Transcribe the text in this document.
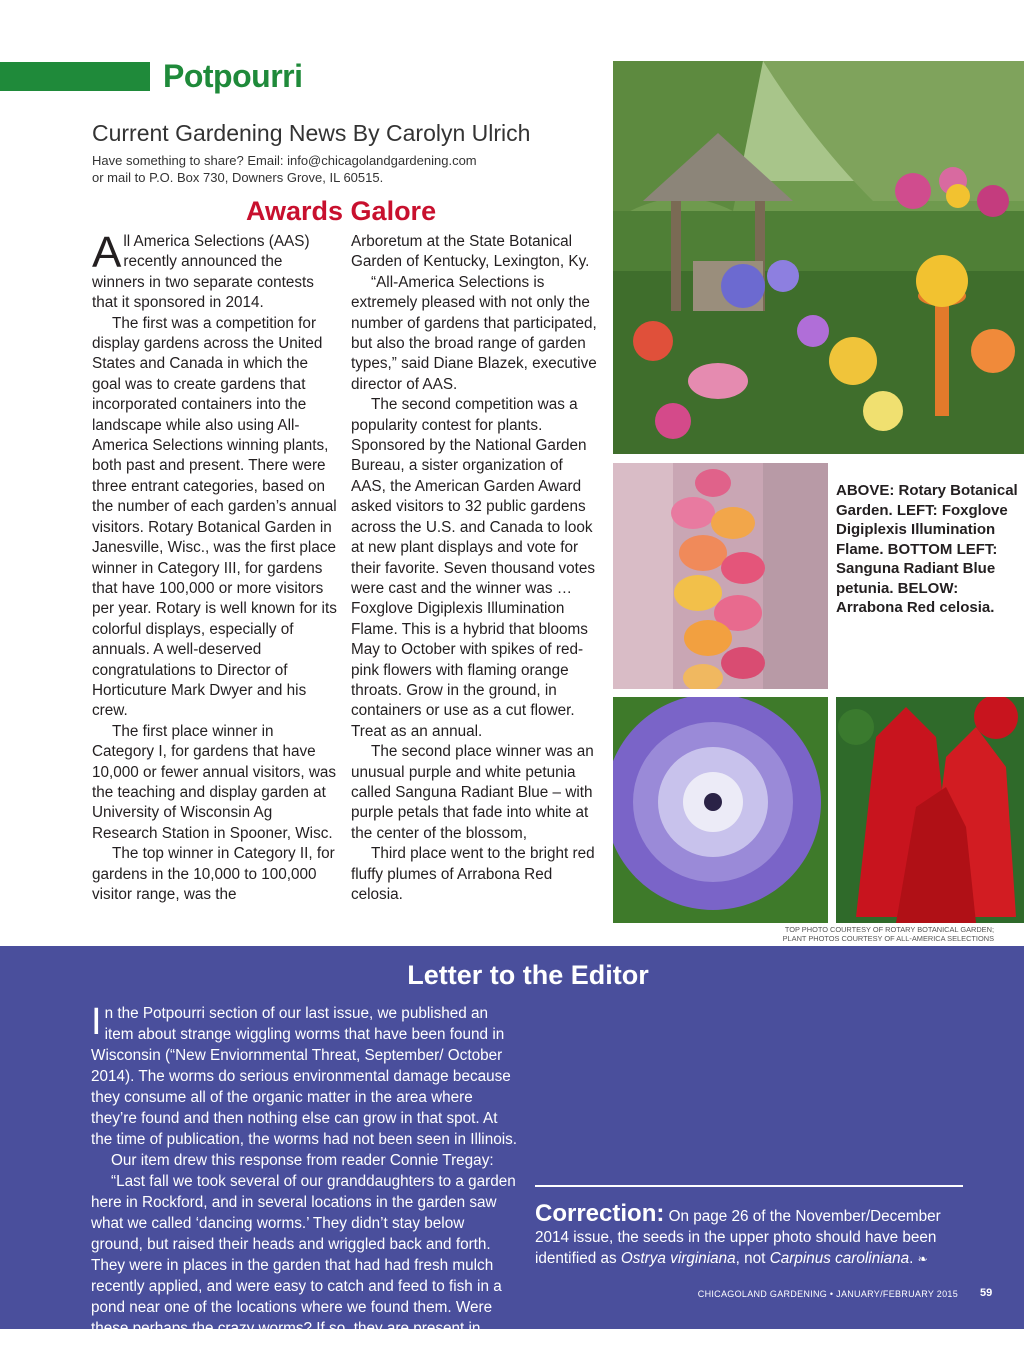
Potpourri
Current Gardening News By Carolyn Ulrich
Have something to share? Email: info@chicagolandgardening.com
or mail to P.O. Box 730, Downers Grove, IL 60515.
Awards Galore

All America Selections (AAS) recently announced the winners in two separate contests that it sponsored in 2014.

The first was a competition for display gardens across the United States and Canada in which the goal was to create gardens that incorporated containers into the landscape while also using All-America Selections winning plants, both past and present. There were three entrant categories, based on the number of each garden’s annual visitors. Rotary Botanical Garden in Janesville, Wisc., was the first place winner in Category III, for gardens that have 100,000 or more visitors per year. Rotary is well known for its colorful displays, especially of annuals. A well-deserved congratulations to Director of Horticuture Mark Dwyer and his crew.

The first place winner in Category I, for gardens that have 10,000 or fewer annual visitors, was the teaching and display garden at University of Wisconsin Ag Research Station in Spooner, Wisc.

The top winner in Category II, for gardens in the 10,000 to 100,000 visitor range, was the

Arboretum at the State Botanical Garden of Kentucky, Lexington, Ky.

“All-America Selections is extremely pleased with not only the number of gardens that participated, but also the broad range of garden types,” said Diane Blazek, executive director of AAS.

The second competition was a popularity contest for plants. Sponsored by the National Garden Bureau, a sister organization of AAS, the American Garden Award asked visitors to 32 public gardens across the U.S. and Canada to look at new plant displays and vote for their favorite. Seven thousand votes were cast and the winner was … Foxglove Digiplexis Illumination Flame. This is a hybrid that blooms May to October with spikes of red-pink flowers with flaming orange throats. Grow in the ground, in containers or use as a cut flower. Treat as an annual.

The second place winner was an unusual purple and white petunia called Sanguna Radiant Blue – with purple petals that fade into white at the center of the blossom,

Third place went to the bright red fluffy plumes of Arrabona Red celosia.

ABOVE: Rotary Botanical Garden. LEFT: Foxglove Digiplexis Illumination Flame. BOTTOM LEFT: Sanguna Radiant Blue petunia. BELOW: Arrabona Red celosia.
TOP PHOTO COURTESY OF ROTARY BOTANICAL GARDEN;
PLANT PHOTOS COURTESY OF ALL-AMERICA SELECTIONS
Letter to the Editor

In the Potpourri section of our last issue, we published an item about strange wiggling worms that have been found in Wisconsin (“New Enviornmental Threat, September/ October 2014). The worms do serious environmental damage because they consume all of the organic matter in the area where they’re found and then nothing else can grow in that spot. At the time of publication, the worms had not been seen in Illinois.

Our item drew this response from reader Connie Tregay:

“Last fall we took several of our granddaughters to a garden here in Rockford, and in several locations in the garden saw what we called ‘dancing worms.’ They didn’t stay below ground, but raised their heads and wriggled back and forth. They were in places in the garden that had had fresh mulch recently applied, and were easy to catch and feed to fish in a pond near one of the locations where we found them. Were these perhaps the crazy worms? If so, they are present in Illinois, or at least they were last fall.”

Correction: On page 26 of the November/December 2014 issue, the seeds in the upper photo should have been identified as Ostrya virginiana, not Carpinus caroliniana. ❧
CHICAGOLAND GARDENING • JANUARY/FEBRUARY 2015 59
